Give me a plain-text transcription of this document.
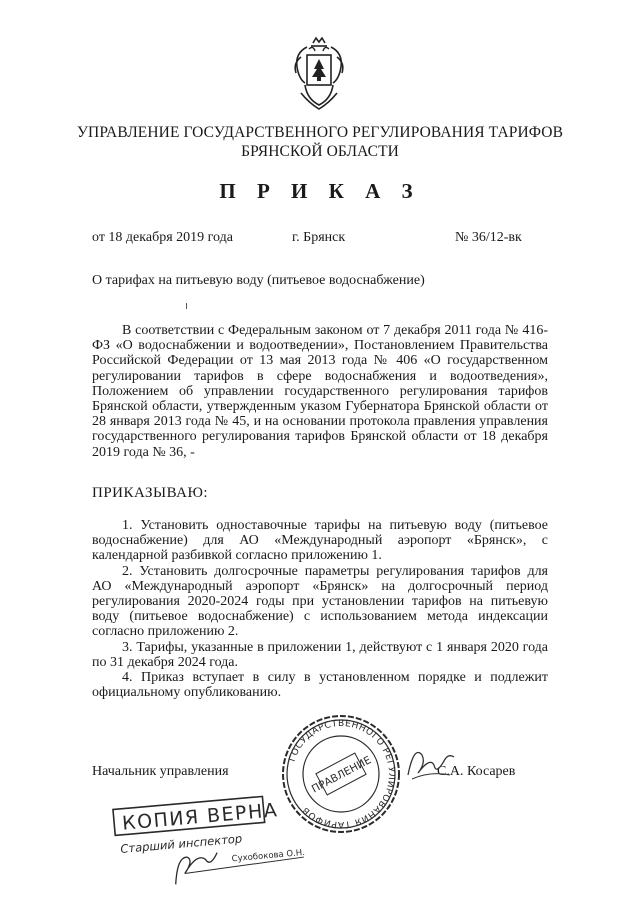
УПРАВЛЕНИЕ ГОСУДАРСТВЕННОГО РЕГУЛИРОВАНИЯ ТАРИФОВ
БРЯНСКОЙ ОБЛАСТИ
П Р И К А З
от 18 декабря 2019 года	г. Брянск	№ 36/12-вк
О тарифах на питьевую воду (питьевое водоснабжение)

В соответствии с Федеральным законом от 7 декабря 2011 года № 416-ФЗ «О водоснабжении и водоотведении», Постановлением Правительства Российской Федерации от 13 мая 2013 года № 406 «О государственном регулировании тарифов в сфере водоснабжения и водоотведения», Положением об управлении государственного регулирования тарифов Брянской области, утвержденным указом Губернатора Брянской области от 28 января 2013 года № 45, и на основании протокола правления управления государственного регулирования тарифов Брянской области от 18 декабря 2019 года № 36, -

ПРИКАЗЫВАЮ:

1. Установить одноставочные тарифы на питьевую воду (питьевое водоснабжение) для АО «Международный аэропорт «Брянск», с календарной разбивкой согласно приложению 1.

2. Установить долгосрочные параметры регулирования тарифов для АО «Международный аэропорт «Брянск» на долгосрочный период регулирования 2020-2024 годы при установлении тарифов на питьевую воду (питьевое водоснабжение) с использованием метода индексации согласно приложению 2.

3. Тарифы, указанные в приложении 1, действуют с 1 января 2020 года по 31 декабря 2024 года.

4. Приказ вступает в силу в установленном порядке и подлежит официальному опубликованию.

Начальник управления	С.А. Косарев
ГОСУДАРСТВЕННОГО РЕГУЛИРОВАНИЯ ТАРИФОВ
ПРАВЛЕНИЕ
КОПИЯ ВЕРНА
Старший инспектор
Сухобокова О.Н.
